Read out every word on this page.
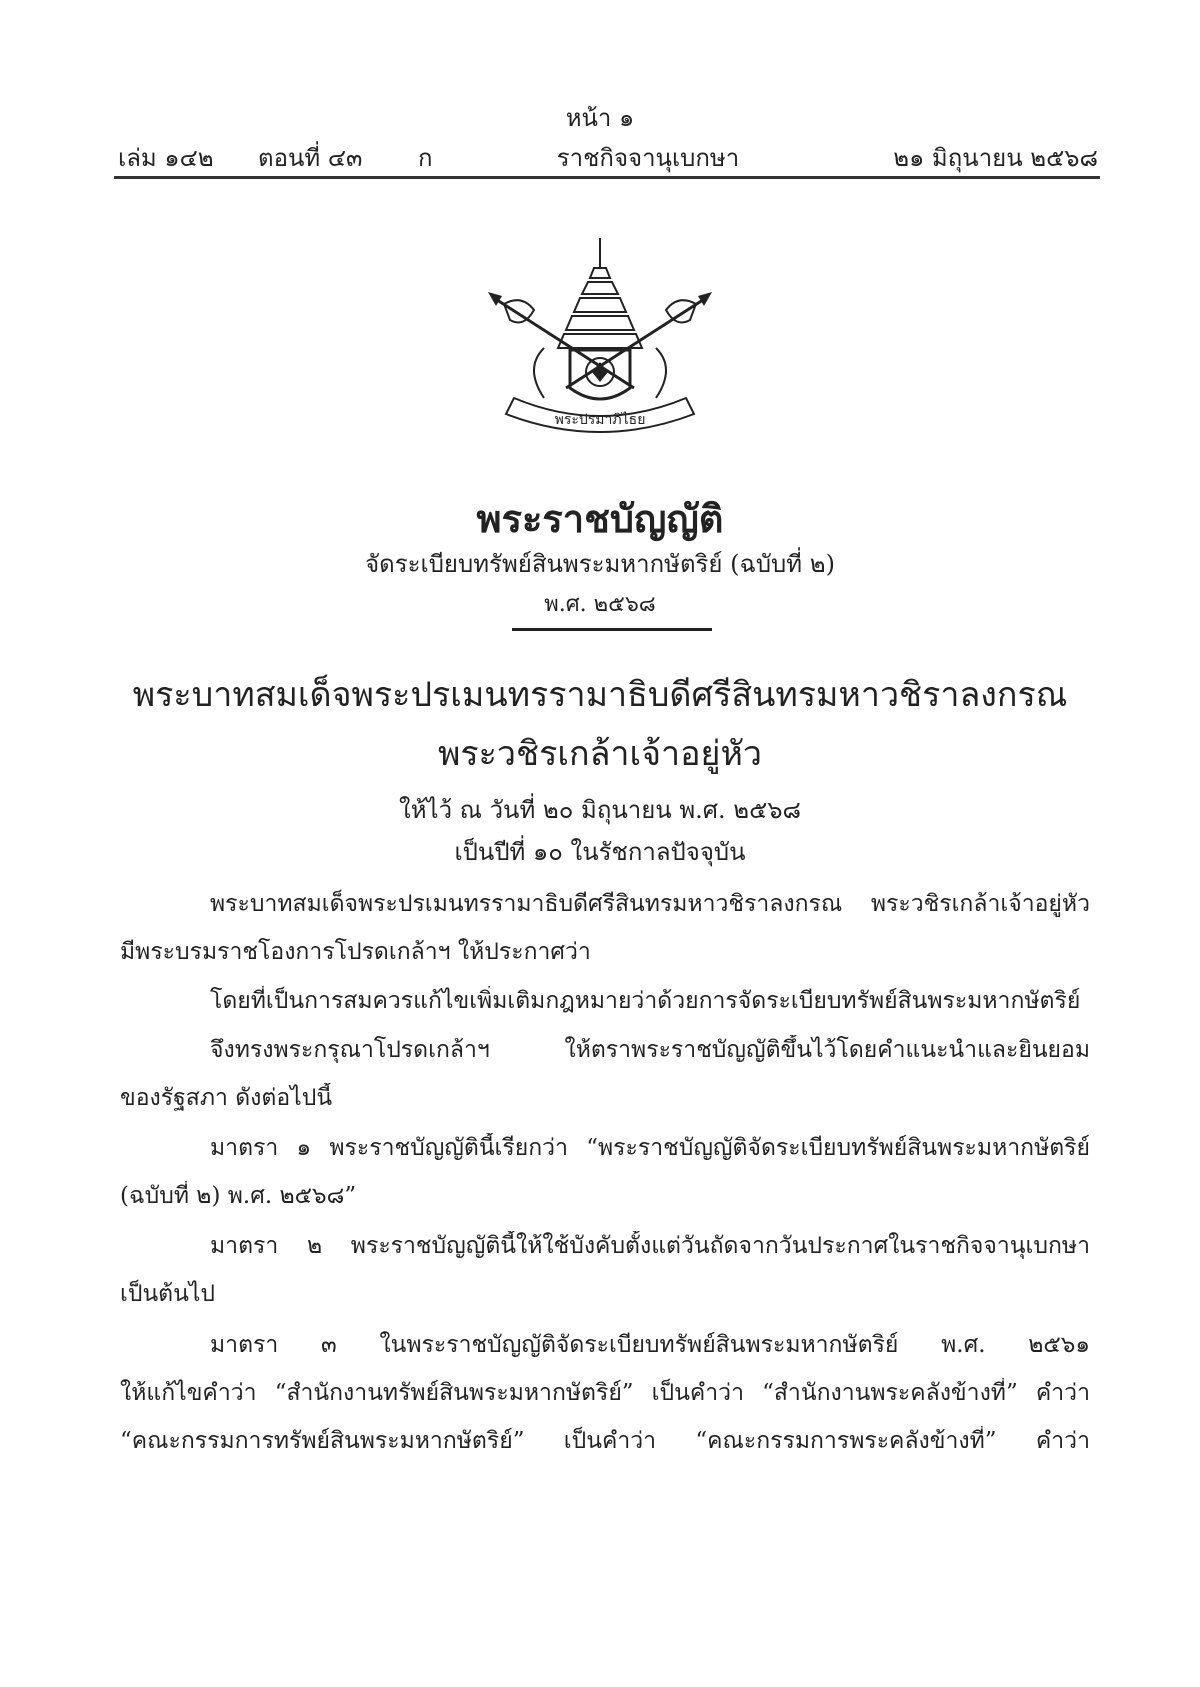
หน้า ๑
เล่ม ๑๔๒ ตอนที่ ๔๓ ก	ราชกิจจานุเบกษา	๒๑ มิถุนายน ๒๕๖๘
พระปรมาภิไธย
พระราชบัญญัติ
จัดระเบียบทรัพย์สินพระมหากษัตริย์ (ฉบับที่ ๒)
พ.ศ. ๒๕๖๘
พระบาทสมเด็จพระปรเมนทรรามาธิบดีศรีสินทรมหาวชิราลงกรณ
พระวชิรเกล้าเจ้าอยู่หัว
ให้ไว้ ณ วันที่ ๒๐ มิถุนายน พ.ศ. ๒๕๖๘
เป็นปีที่ ๑๐ ในรัชกาลปัจจุบัน
พระบาทสมเด็จพระปรเมนทรรามาธิบดีศรีสินทรมหาวชิราลงกรณ พระวชิรเกล้าเจ้าอยู่หัว
มีพระบรมราชโองการโปรดเกล้าฯ ให้ประกาศว่า
โดยที่เป็นการสมควรแก้ไขเพิ่มเติมกฎหมายว่าด้วยการจัดระเบียบทรัพย์สินพระมหากษัตริย์
จึงทรงพระกรุณาโปรดเกล้าฯ ให้ตราพระราชบัญญัติขึ้นไว้โดยคำแนะนำและยินยอม
ของรัฐสภา ดังต่อไปนี้
มาตรา ๑ พระราชบัญญัตินี้เรียกว่า “พระราชบัญญัติจัดระเบียบทรัพย์สินพระมหากษัตริย์
(ฉบับที่ ๒) พ.ศ. ๒๕๖๘”
มาตรา ๒ พระราชบัญญัตินี้ให้ใช้บังคับตั้งแต่วันถัดจากวันประกาศในราชกิจจานุเบกษา
เป็นต้นไป
มาตรา ๓ ในพระราชบัญญัติจัดระเบียบทรัพย์สินพระมหากษัตริย์ พ.ศ. ๒๕๖๑
ให้แก้ไขคำว่า “สำนักงานทรัพย์สินพระมหากษัตริย์” เป็นคำว่า “สำนักงานพระคลังข้างที่” คำว่า
“คณะกรรมการทรัพย์สินพระมหากษัตริย์” เป็นคำว่า “คณะกรรมการพระคลังข้างที่” คำว่า
